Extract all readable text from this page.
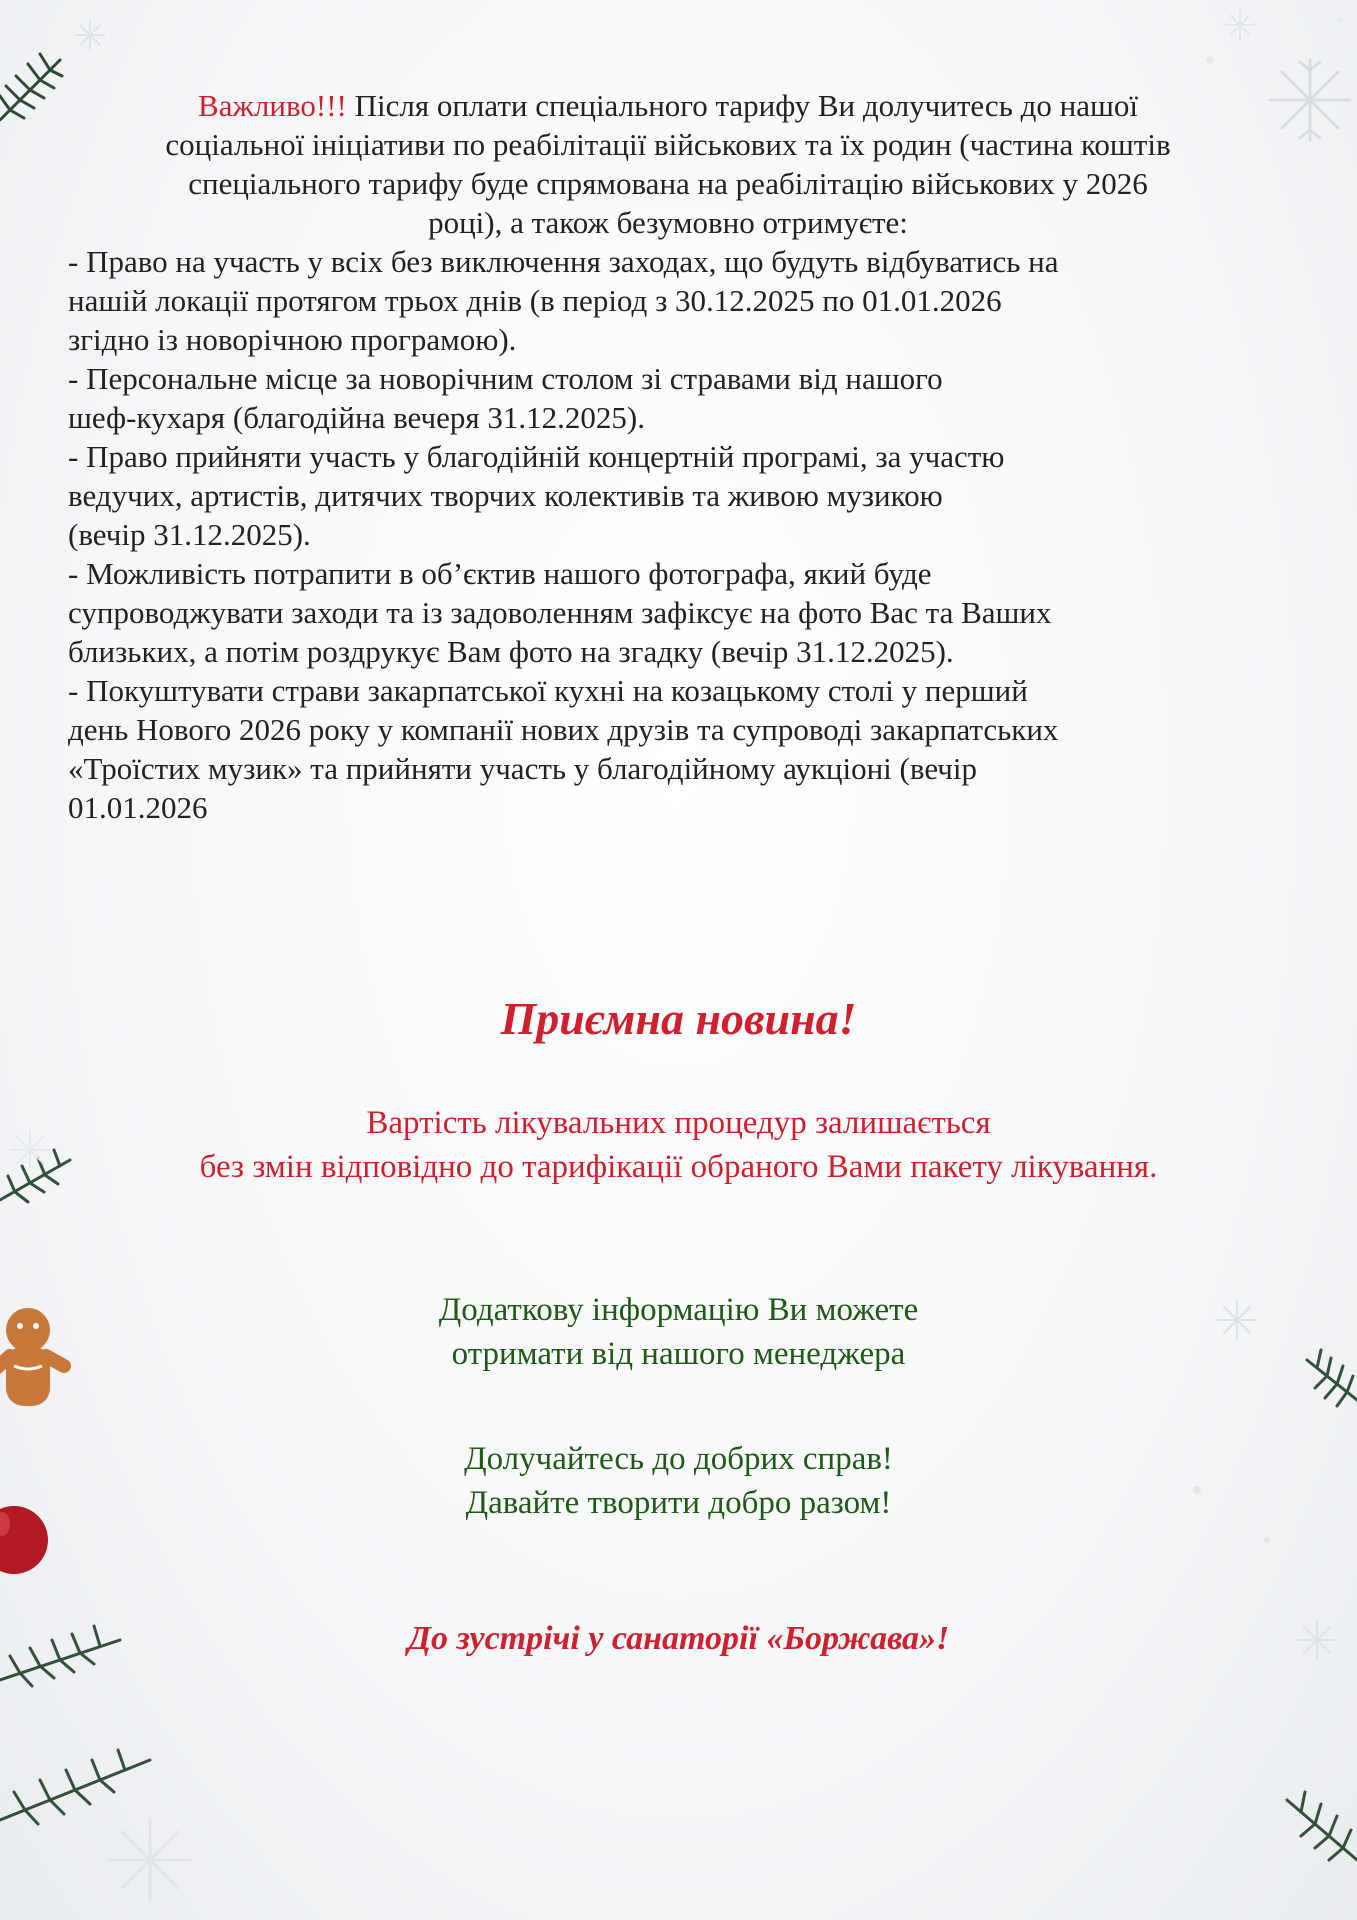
Важливо!!! Після оплати спеціального тарифу Ви долучитесь до нашої
соціальної ініціативи по реабілітації військових та їх родин (частина коштів
спеціального тарифу буде спрямована на реабілітацію військових у 2026
році), а також безумовно отримуєте:

- Право на участь у всіх без виключення заходах, що будуть відбуватись на
нашій локації протягом трьох днів (в період з 30.12.2025 по 01.01.2026
згідно із новорічною програмою).

- Персональне місце за новорічним столом зі стравами від нашого
шеф-кухаря (благодійна вечеря 31.12.2025).

- Право прийняти участь у благодійній концертній програмі, за участю
ведучих, артистів, дитячих творчих колективів та живою музикою
(вечір 31.12.2025).

- Можливість потрапити в об’єктив нашого фотографа, який буде
супроводжувати заходи та із задоволенням зафіксує на фото Вас та Ваших
близьких, а потім роздрукує Вам фото на згадку (вечір 31.12.2025).

- Покуштувати страви закарпатської кухні на козацькому столі у перший
день Нового 2026 року у компанії нових друзів та супроводі закарпатських
«Троїстих музик» та прийняти участь у благодійному аукціоні (вечір
01.01.2026

Приємна новина!

Вартість лікувальних процедур залишається
без змін відповідно до тарифікації обраного Вами пакету лікування.

Додаткову інформацію Ви можете
отримати від нашого менеджера

Долучайтесь до добрих справ!
Давайте творити добро разом!

До зустрічі у санаторії «Боржава»!
